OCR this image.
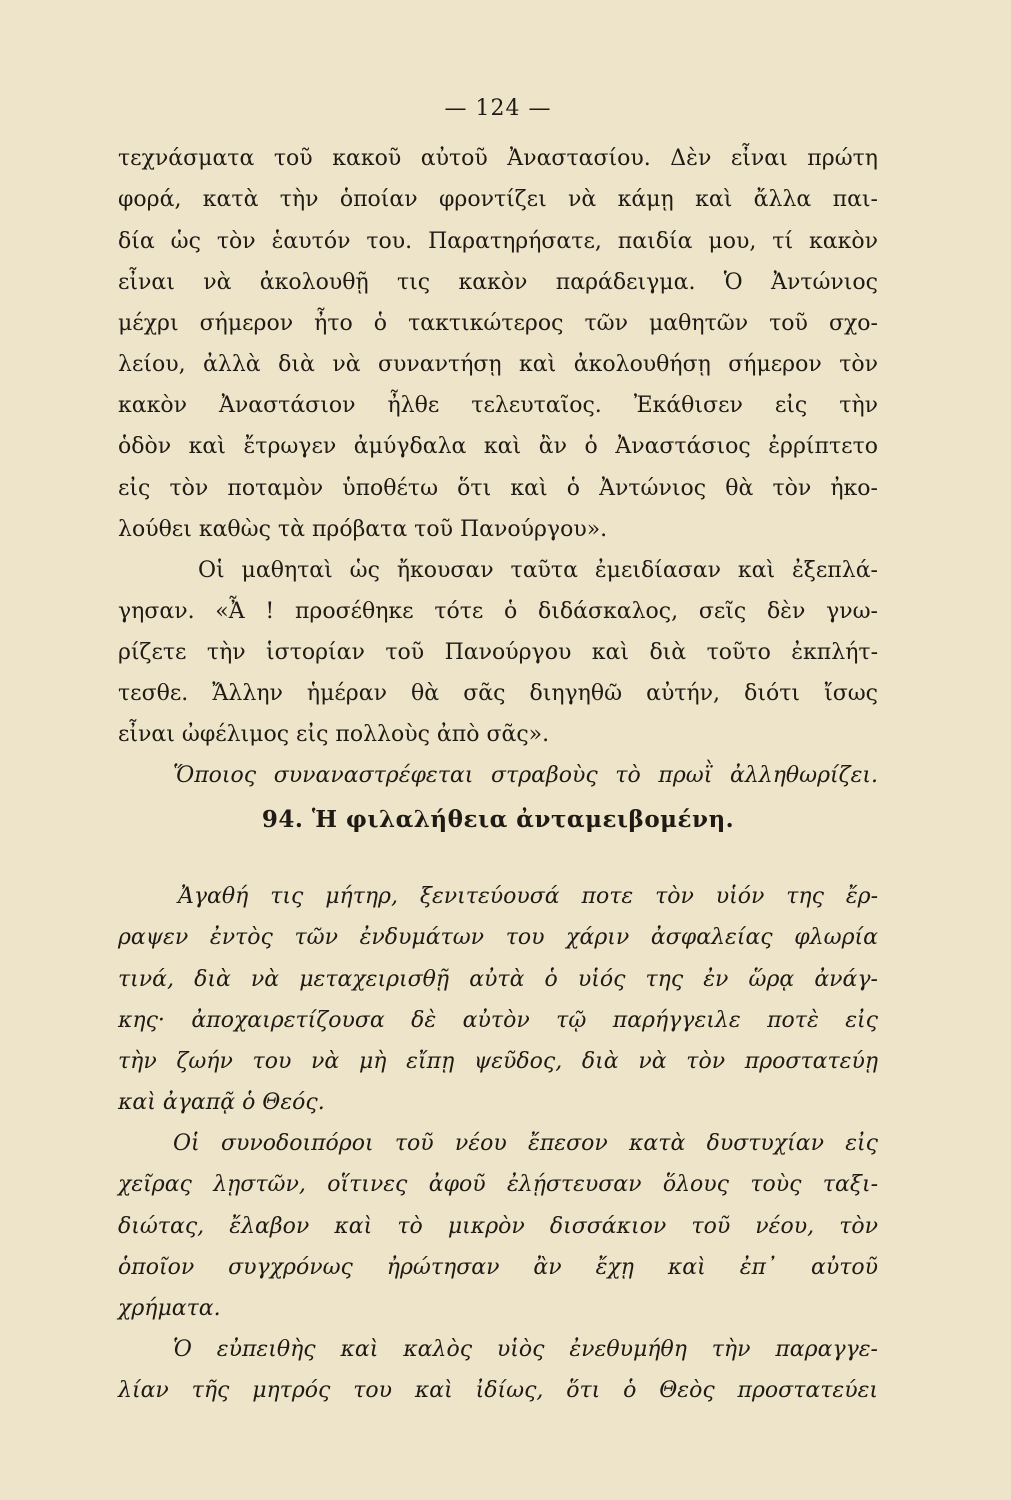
— 124 —
τεχνάσματα τοῦ κακοῦ αὐτοῦ Ἀναστασίου. Δὲν εἶναι πρώτη
φορά, κατὰ τὴν ὁποίαν φροντίζει νὰ κάμῃ καὶ ἄλλα παι-
δία ὡς τὸν ἑαυτόν του. Παρατηρήσατε, παιδία μου, τί κακὸν
εἶναι νὰ ἀκολουθῇ τις κακὸν παράδειγμα. Ὁ Ἀντώνιος
μέχρι σήμερον ἦτο ὁ τακτικώτερος τῶν μαθητῶν τοῦ σχο-
λείου, ἀλλὰ διὰ νὰ συναντήσῃ καὶ ἀκολουθήσῃ σήμερον τὸν
κακὸν Ἀναστάσιον ἦλθε τελευταῖος. Ἐκάθισεν εἰς τὴν
ὁδὸν καὶ ἔτρωγεν ἀμύγδαλα καὶ ἂν ὁ Ἀναστάσιος ἐρρίπτετο
εἰς τὸν ποταμὸν ὑποθέτω ὅτι καὶ ὁ Ἀντώνιος θὰ τὸν ἠκο-
λούθει καθὼς τὰ πρόβατα τοῦ Πανούργου».
Οἱ μαθηταὶ ὡς ἤκουσαν ταῦτα ἐμειδίασαν καὶ ἐξεπλά-
γησαν. «Ἆ ! προσέθηκε τότε ὁ διδάσκαλος, σεῖς δὲν γνω-
ρίζετε τὴν ἱστορίαν τοῦ Πανούργου καὶ διὰ τοῦτο ἐκπλήτ-
τεσθε. Ἄλλην ἡμέραν θὰ σᾶς διηγηθῶ αὐτήν, διότι ἴσως
εἶναι ὠφέλιμος εἰς πολλοὺς ἀπὸ σᾶς».
Ὅποιος συναναστρέφεται στραβοὺς τὸ πρωῒ ἀλληθωρίζει.
94. Ἡ φιλαλήθεια ἀνταμειβομένη.
Ἀγαθή τις μήτηρ, ξενιτεύουσά ποτε τὸν υἱόν της ἔρ-
ραψεν ἐντὸς τῶν ἐνδυμάτων του χάριν ἀσφαλείας φλωρία
τινά, διὰ νὰ μεταχειρισθῇ αὐτὰ ὁ υἱός της ἐν ὥρᾳ ἀνάγ-
κης· ἀποχαιρετίζουσα δὲ αὐτὸν τῷ παρήγγειλε ποτὲ εἰς
τὴν ζωήν του νὰ μὴ εἴπῃ ψεῦδος, διὰ νὰ τὸν προστατεύῃ
καὶ ἀγαπᾷ ὁ Θεός.
Οἱ συνοδοιπόροι τοῦ νέου ἔπεσον κατὰ δυστυχίαν εἰς
χεῖρας λῃστῶν, οἵτινες ἀφοῦ ἐλῄστευσαν ὅλους τοὺς ταξι-
διώτας, ἔλαβον καὶ τὸ μικρὸν δισσάκιον τοῦ νέου, τὸν
ὁποῖον συγχρόνως ἠρώτησαν ἂν ἔχῃ καὶ ἐπ᾽ αὐτοῦ
χρήματα.
Ὁ εὐπειθὴς καὶ καλὸς υἱὸς ἐνεθυμήθη τὴν παραγγε-
λίαν τῆς μητρός του καὶ ἰδίως, ὅτι ὁ Θεὸς προστατεύει
